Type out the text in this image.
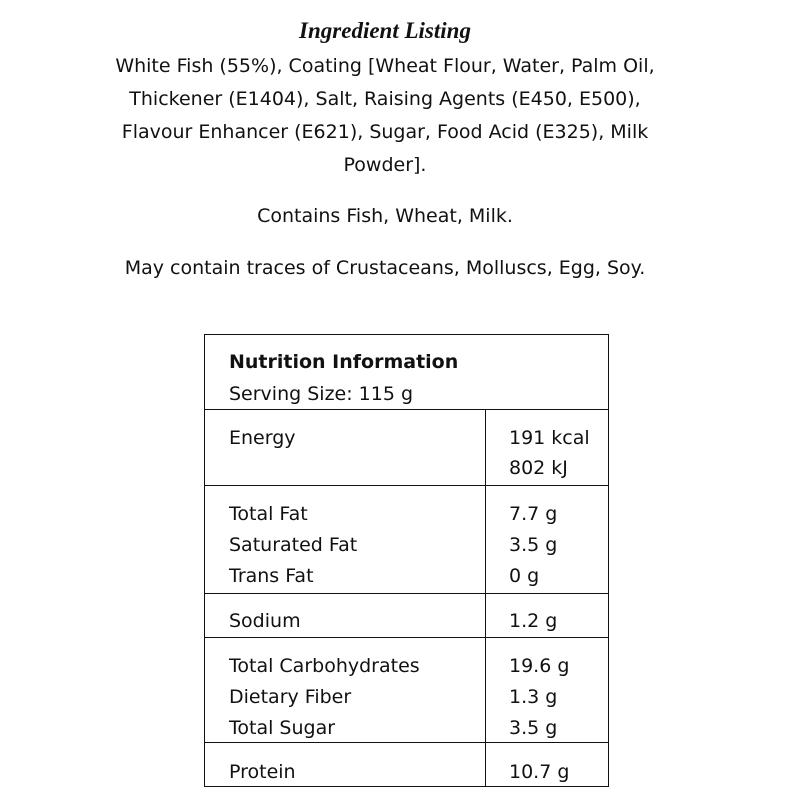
Ingredient Listing
White Fish (55%), Coating [Wheat Flour, Water, Palm Oil, Thickener (E1404), Salt, Raising Agents (E450, E500), Flavour Enhancer (E621), Sugar, Food Acid (E325), Milk Powder].
Contains Fish, Wheat, Milk.
May contain traces of Crustaceans, Molluscs, Egg, Soy.
Nutrition Information
Serving Size: 115 g
Energy	191 kcal
802 kJ
Total Fat	7.7 g
Saturated Fat	3.5 g
Trans Fat	0 g
Sodium	1.2 g
Total Carbohydrates	19.6 g
Dietary Fiber	1.3 g
Total Sugar	3.5 g
Protein	10.7 g
